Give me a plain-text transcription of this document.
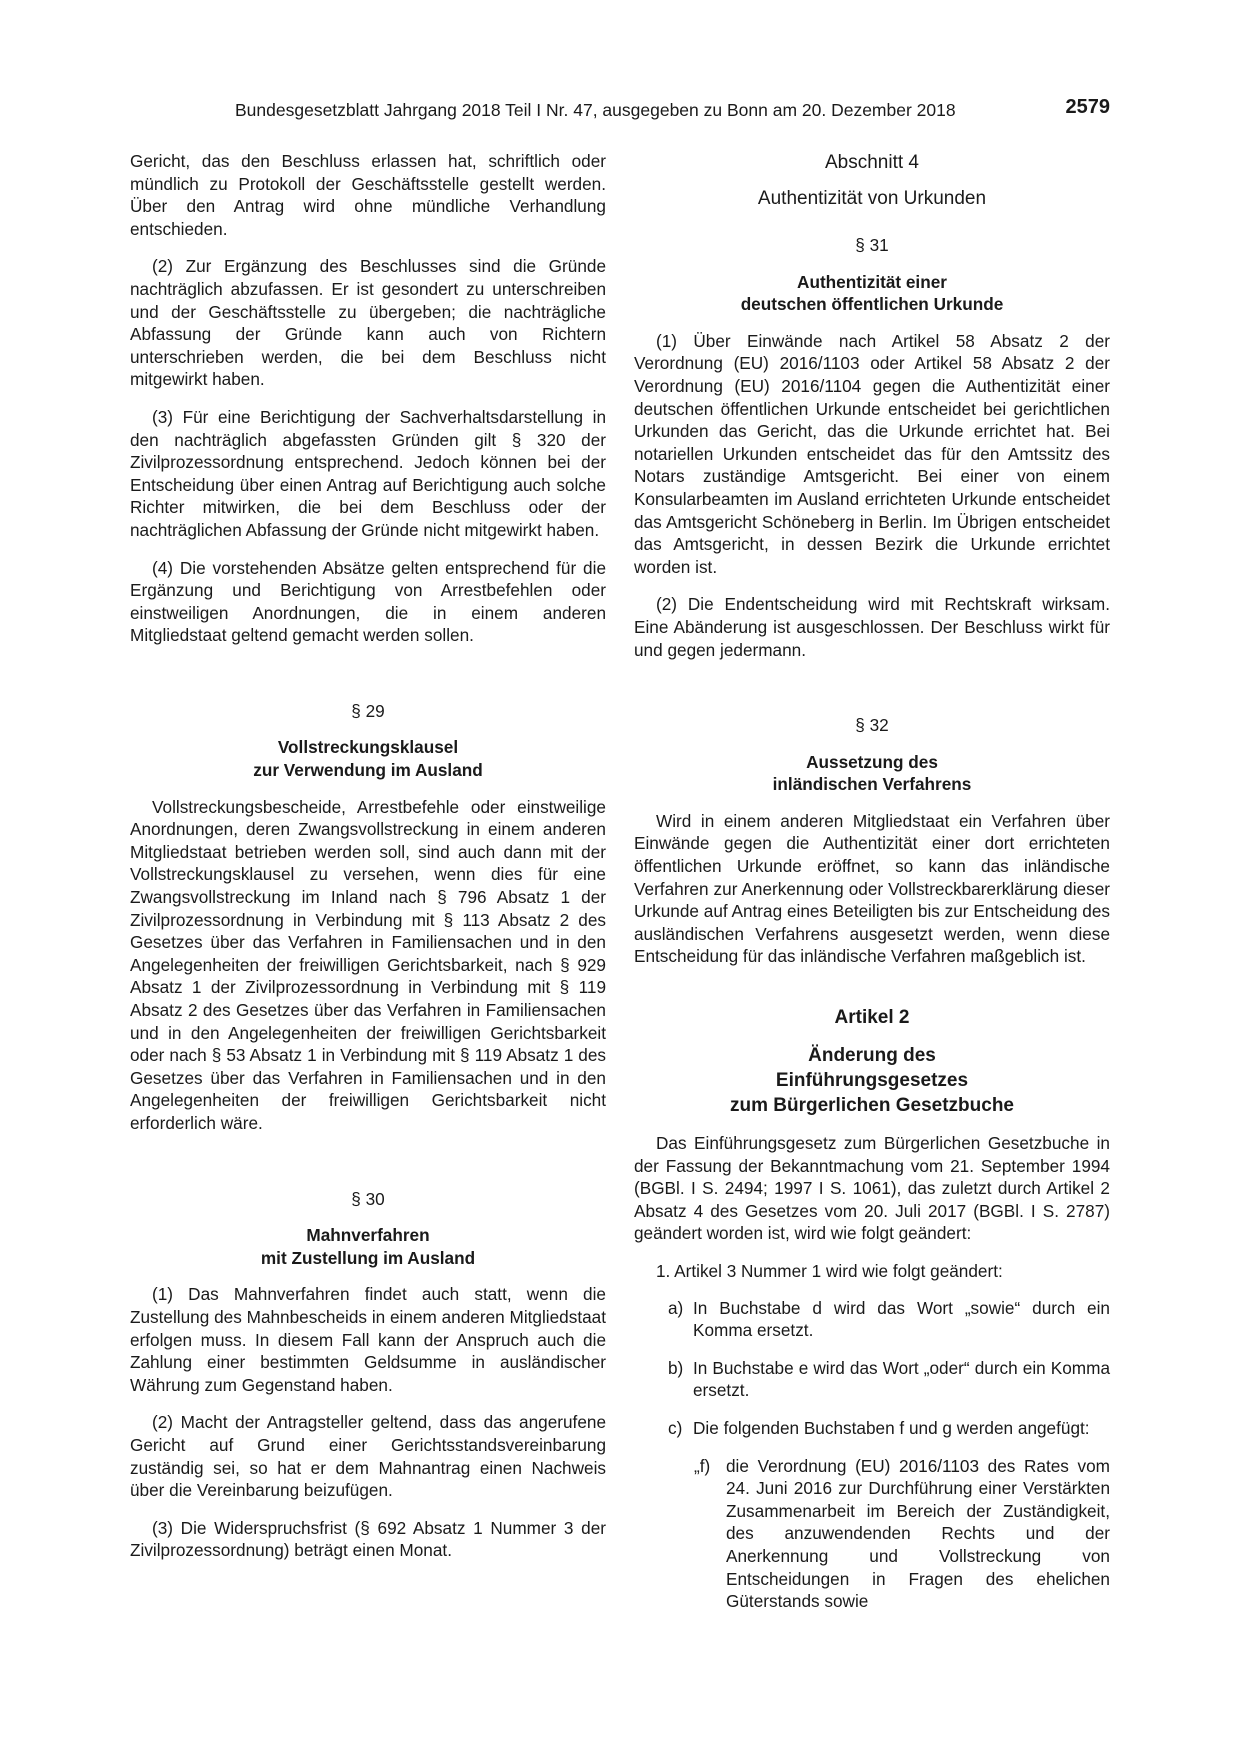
Bundesgesetzblatt Jahrgang 2018 Teil I Nr. 47, ausgegeben zu Bonn am 20. Dezember 2018	2579

Gericht, das den Beschluss erlassen hat, schriftlich oder mündlich zu Protokoll der Geschäftsstelle gestellt werden. Über den Antrag wird ohne mündliche Verhandlung entschieden.

(2) Zur Ergänzung des Beschlusses sind die Gründe nachträglich abzufassen. Er ist gesondert zu unterschreiben und der Geschäftsstelle zu übergeben; die nachträgliche Abfassung der Gründe kann auch von Richtern unterschrieben werden, die bei dem Beschluss nicht mitgewirkt haben.

(3) Für eine Berichtigung der Sachverhaltsdarstellung in den nachträglich abgefassten Gründen gilt § 320 der Zivilprozessordnung entsprechend. Jedoch können bei der Entscheidung über einen Antrag auf Berichtigung auch solche Richter mitwirken, die bei dem Beschluss oder der nachträglichen Abfassung der Gründe nicht mitgewirkt haben.

(4) Die vorstehenden Absätze gelten entsprechend für die Ergänzung und Berichtigung von Arrestbefehlen oder einstweiligen Anordnungen, die in einem anderen Mitgliedstaat geltend gemacht werden sollen.

§ 29
Vollstreckungsklausel
zur Verwendung im Ausland

Vollstreckungsbescheide, Arrestbefehle oder einstweilige Anordnungen, deren Zwangsvollstreckung in einem anderen Mitgliedstaat betrieben werden soll, sind auch dann mit der Vollstreckungsklausel zu versehen, wenn dies für eine Zwangsvollstreckung im Inland nach § 796 Absatz 1 der Zivilprozessordnung in Verbindung mit § 113 Absatz 2 des Gesetzes über das Verfahren in Familiensachen und in den Angelegenheiten der freiwilligen Gerichtsbarkeit, nach § 929 Absatz 1 der Zivilprozessordnung in Verbindung mit § 119 Absatz 2 des Gesetzes über das Verfahren in Familiensachen und in den Angelegenheiten der freiwilligen Gerichtsbarkeit oder nach § 53 Absatz 1 in Verbindung mit § 119 Absatz 1 des Gesetzes über das Verfahren in Familiensachen und in den Angelegenheiten der freiwilligen Gerichtsbarkeit nicht erforderlich wäre.

§ 30
Mahnverfahren
mit Zustellung im Ausland

(1) Das Mahnverfahren findet auch statt, wenn die Zustellung des Mahnbescheids in einem anderen Mitgliedstaat erfolgen muss. In diesem Fall kann der Anspruch auch die Zahlung einer bestimmten Geldsumme in ausländischer Währung zum Gegenstand haben.

(2) Macht der Antragsteller geltend, dass das angerufene Gericht auf Grund einer Gerichtsstandsvereinbarung zuständig sei, so hat er dem Mahnantrag einen Nachweis über die Vereinbarung beizufügen.

(3) Die Widerspruchsfrist (§ 692 Absatz 1 Nummer 3 der Zivilprozessordnung) beträgt einen Monat.

Abschnitt 4
Authentizität von Urkunden
§ 31
Authentizität einer
deutschen öffentlichen Urkunde

(1) Über Einwände nach Artikel 58 Absatz 2 der Verordnung (EU) 2016/1103 oder Artikel 58 Absatz 2 der Verordnung (EU) 2016/1104 gegen die Authentizität einer deutschen öffentlichen Urkunde entscheidet bei gerichtlichen Urkunden das Gericht, das die Urkunde errichtet hat. Bei notariellen Urkunden entscheidet das für den Amtssitz des Notars zuständige Amtsgericht. Bei einer von einem Konsularbeamten im Ausland errichteten Urkunde entscheidet das Amtsgericht Schöneberg in Berlin. Im Übrigen entscheidet das Amtsgericht, in dessen Bezirk die Urkunde errichtet worden ist.

(2) Die Endentscheidung wird mit Rechtskraft wirksam. Eine Abänderung ist ausgeschlossen. Der Beschluss wirkt für und gegen jedermann.

§ 32
Aussetzung des
inländischen Verfahrens

Wird in einem anderen Mitgliedstaat ein Verfahren über Einwände gegen die Authentizität einer dort errichteten öffentlichen Urkunde eröffnet, so kann das inländische Verfahren zur Anerkennung oder Vollstreckbarerklärung dieser Urkunde auf Antrag eines Beteiligten bis zur Entscheidung des ausländischen Verfahrens ausgesetzt werden, wenn diese Entscheidung für das inländische Verfahren maßgeblich ist.

Artikel 2
Änderung des
Einführungsgesetzes
zum Bürgerlichen Gesetzbuche

Das Einführungsgesetz zum Bürgerlichen Gesetzbuche in der Fassung der Bekanntmachung vom 21. September 1994 (BGBl. I S. 2494; 1997 I S. 1061), das zuletzt durch Artikel 2 Absatz 4 des Gesetzes vom 20. Juli 2017 (BGBl. I S. 2787) geändert worden ist, wird wie folgt geändert:

1. Artikel 3 Nummer 1 wird wie folgt geändert:
a) In Buchstabe d wird das Wort „sowie“ durch ein Komma ersetzt.
b) In Buchstabe e wird das Wort „oder“ durch ein Komma ersetzt.
c) Die folgenden Buchstaben f und g werden angefügt:
„f) die Verordnung (EU) 2016/1103 des Rates vom 24. Juni 2016 zur Durchführung einer Verstärkten Zusammenarbeit im Bereich der Zuständigkeit, des anzuwendenden Rechts und der Anerkennung und Vollstreckung von Entscheidungen in Fragen des ehelichen Güterstands sowie
